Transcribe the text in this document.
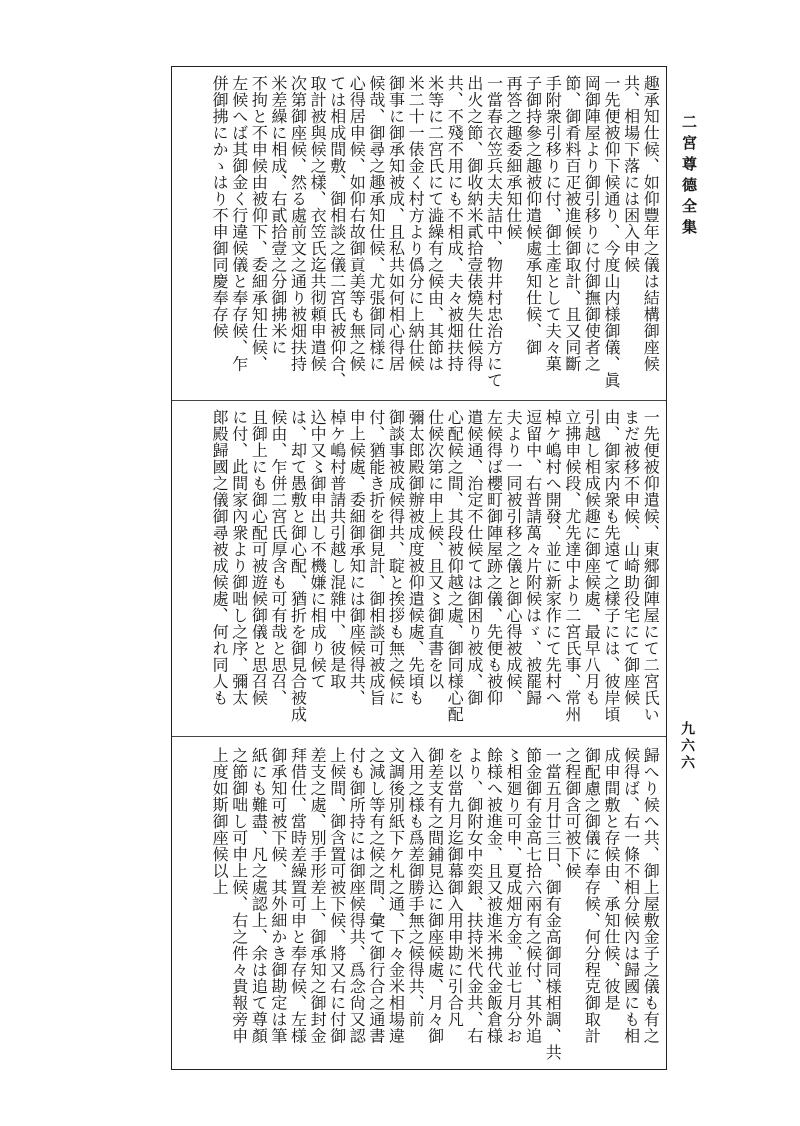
二宮尊德全集
九六六
趣承知仕候、如仰豐年之儀は結構御座候
共、相場下落には困入申候
一先便被仰下候通り、今度山内様御儀、眞
岡御陣屋より御引移りに付御撫御使者之
節、御肴料百疋被進候御取計、且又同斷
手附衆引移りに付、御土產として夫々菓
子御持參之趣被仰遣候處承知仕候、御
再答之趣委細承知仕候
一當春衣笠兵太夫詰中、物井村忠治方にて
出火之節、御收納米貳拾壹俵燒失仕候得
共、不殘不用にも不相成、夫々被畑扶持
米等に二宮氏にて澁繰有之候由、其節は
米二十一俵金く村方より僞分に上納仕候
御事に御承知被成、且私共如何相心得居
候哉、御尋之趣承知仕候、尤張御同様に
心得居申候、如仰右故御貢美等も無之候
ては相成間敷、御相談之儀二宮氏被仰合、
取計被與候之樣、衣笠氏迄共彻頼申遣候
次第御座候、然る處前文之通り被畑扶持
米差繰に相成、右貳拾壹之分御拂米に
不拘と不申候由被仰下、委細承知仕候、
左候へば其御金く行違候儀と奉存候、乍
併御拂にかゝはり不申御同慶奉存候
一先便被仰遣候、東郷御陣屋にて二宮氏い
まだ被移不申候、山崎助役宅にて御座候
由、御家内衆も先遠て之樣子には、彼岸頃
引越し相成候趣に御座候處、最早八月も
立拂申候段、尤先達中より二宮氏事、常州
棹ケ嶋村へ開發、並に新家作にて先村へ
逗留中、右普請萬々片附候はゞ、被罷歸
夫より一同被引移之儀と御心得被成候、
左候得ば櫻町御陣屋跡之儀、先便も被仰
遣候通、治定不仕候ては御困り被成、御
心配候之間、其段被仰越之處、御同様心配
仕候次第に申上候、且又〻御直書を以
彌太郎殿御辦被成度被仰遣候處、先頃も
御談事被成候得共、聢と挨拶も無之候に
付、猶能き折を御見計、御相談可被成旨
申上候處、委細御承知には御座候得共、
棹ケ嶋村普請共引越し混雜中、彼是取
込中又〻御申出し不機嫌に相成り候て
は、却て愚敷と御心配、猶折を御見合被成
候由、乍併二宮氏厚含も可有哉と思召、
且御上にも御心配可被遊候御儀と思召候
に付、此間家內衆より御咄し之序、彌太
郞殿歸國之儀御尋被成候處、何れ同人も
歸へり候へ共、御上屋敷金子之儀も有之
候得ば、右一條不相分候內は歸國にも相
成申間敷と存候由、承知仕候、彼是
御配慮之御儀に奉存候、何分程克御取計
之程御含可被下候
一當五月廿三日、御有金高御同様相調、共
節金御有金高七拾六兩有之候付、其外追
〻相廻り可申、夏成畑方金、並七月分お
餘様へ被進金、且又被進米拂代金飯倉様
より、御附女中奕銀、扶持米代金共、右
を以當九月迄御幕御入用申勘に引合凡
御差支有之間鋪見込に御座候處、月々御
入用之様も爲差御勝手無之候得共、前
文調後別紙下ケ札之通、下々金米相場違
之減し等有之候之間、彙て御行合之通書
付も御所持には御座候得共、爲念尙又認
上候間、御含置可被下候、將又右に付御
差支之處、別手形差上、御承知之御封金
拜借仕、當時差繰置可申と奉存候、左様
御承知可被下候、其外細かき御勘定は筆
紙にも難盡、凡之處認上、余は追て尊顏
之節御咄し可申上候、右之件々貴報旁申
上度如斯御座候以上
